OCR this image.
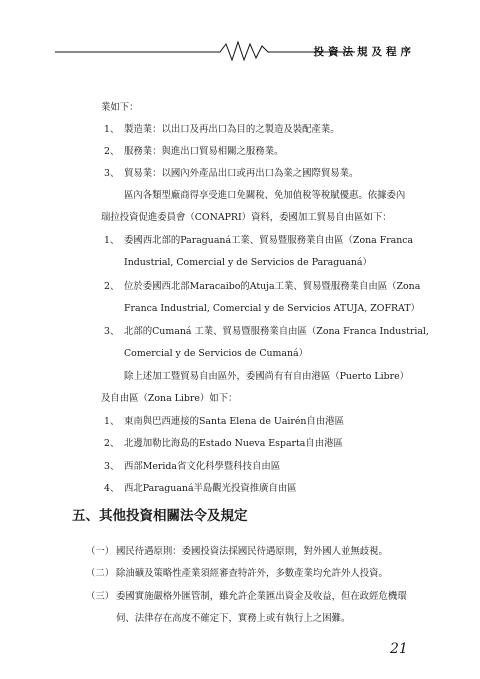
投資法規及程序
業如下：
1、 製造業：以出口及再出口為目的之製造及裝配產業。
2、 服務業：與進出口貿易相關之服務業。
3、 貿易業：以國內外產品出口或再出口為業之國際貿易業。
區內各類型廠商得享受進口免關稅、免加值稅等稅賦優惠。依據委內
瑞拉投資促進委員會（CONAPRI）資料，委國加工貿易自由區如下：
1、 委國西北部的Paraguaná工業、貿易暨服務業自由區（Zona Franca
Industrial, Comercial y de Servicios de Paraguaná）
2、 位於委國西北部Maracaibo的Atuja工業、貿易暨服務業自由區（Zona
Franca Industrial, Comercial y de Servicios ATUJA, ZOFRAT）
3、 北部的Cumaná 工業、貿易暨服務業自由區（Zona Franca Industrial,
Comercial y de Servicios de Cumaná）
除上述加工暨貿易自由區外，委國尚有有自由港區（Puerto Libre）
及自由區（Zona Libre）如下：
1、 東南與巴西連接的Santa Elena de Uairén自由港區
2、 北邊加勒比海島的Estado Nueva Esparta自由港區
3、 西部Merida省文化科學暨科技自由區
4、 西北Paraguaná半島觀光投資推廣自由區
五、其他投資相關法令及規定
（一） 國民待遇原則：委國投資法採國民待遇原則，對外國人並無歧視。
（二） 除油礦及策略性產業須經審查特許外，多數產業均允許外人投資。
（三） 委國實施嚴格外匯管制，雖允許企業匯出資金及收益，但在政經危機環
伺、法律存在高度不確定下，實務上或有執行上之困難。
21
